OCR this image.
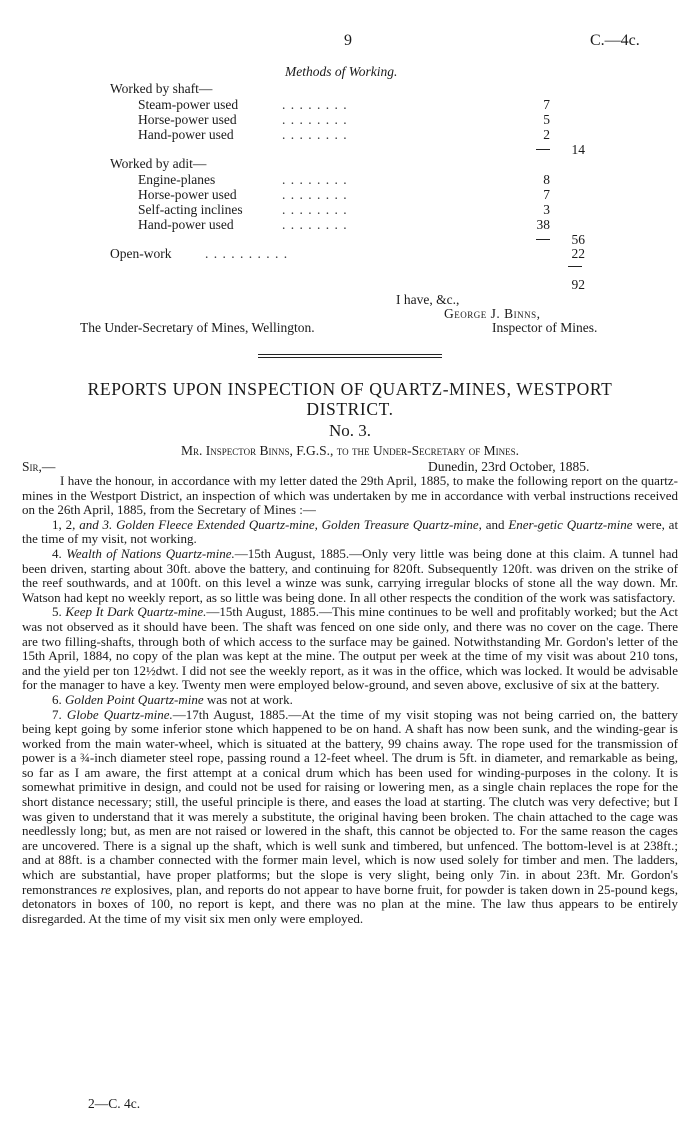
9	C.—4c.
Methods of Working.
Worked by shaft—
Steam-power used	. . . . . . . .	7
Horse-power used	. . . . . . . .	5
Hand-power used	. . . . . . . .	2
14
Worked by adit—
Engine-planes	. . . . . . . .	8
Horse-power used	. . . . . . . .	7
Self-acting inclines	. . . . . . . .	3
Hand-power used	. . . . . . . .	38
56
Open-work . . . . . . . . . .	22
92
I have, &c.,
George J. Binns,
The Under-Secretary of Mines, Wellington.	Inspector of Mines.
REPORTS UPON INSPECTION OF QUARTZ-MINES, WESTPORT
DISTRICT.
No. 3.
Mr. Inspector Binns, F.G.S., to the Under-Secretary of Mines.
Sir,—	Dunedin, 23rd October, 1885.

I have the honour, in accordance with my letter dated the 29th April, 1885, to make the following report on the quartz-mines in the Westport District, an inspection of which was undertaken by me in accordance with verbal instructions received on the 26th April, 1885, from the Secretary of Mines :—

1, 2, and 3. Golden Fleece Extended Quartz-mine, Golden Treasure Quartz-mine, and Ener-getic Quartz-mine were, at the time of my visit, not working.

4. Wealth of Nations Quartz-mine.—15th August, 1885.—Only very little was being done at this claim. A tunnel had been driven, starting about 30ft. above the battery, and continuing for 820ft. Subsequently 120ft. was driven on the strike of the reef southwards, and at 100ft. on this level a winze was sunk, carrying irregular blocks of stone all the way down. Mr. Watson had kept no weekly report, as so little was being done. In all other respects the condition of the work was satisfactory.

5. Keep It Dark Quartz-mine.—15th August, 1885.—This mine continues to be well and profitably worked; but the Act was not observed as it should have been. The shaft was fenced on one side only, and there was no cover on the cage. There are two filling-shafts, through both of which access to the surface may be gained. Notwithstanding Mr. Gordon's letter of the 15th April, 1884, no copy of the plan was kept at the mine. The output per week at the time of my visit was about 210 tons, and the yield per ton 12½dwt. I did not see the weekly report, as it was in the office, which was locked. It would be advisable for the manager to have a key. Twenty men were employed below-ground, and seven above, exclusive of six at the battery.

6. Golden Point Quartz-mine was not at work.

7. Globe Quartz-mine.—17th August, 1885.—At the time of my visit stoping was not being carried on, the battery being kept going by some inferior stone which happened to be on hand. A shaft has now been sunk, and the winding-gear is worked from the main water-wheel, which is situated at the battery, 99 chains away. The rope used for the transmission of power is a ¾-inch diameter steel rope, passing round a 12-feet wheel. The drum is 5ft. in diameter, and remarkable as being, so far as I am aware, the first attempt at a conical drum which has been used for winding-purposes in the colony. It is somewhat primitive in design, and could not be used for raising or lowering men, as a single chain replaces the rope for the short distance necessary; still, the useful principle is there, and eases the load at starting. The clutch was very defective; but I was given to understand that it was merely a substitute, the original having been broken. The chain attached to the cage was needlessly long; but, as men are not raised or lowered in the shaft, this cannot be objected to. For the same reason the cages are uncovered. There is a signal up the shaft, which is well sunk and timbered, but unfenced. The bottom-level is at 238ft.; and at 88ft. is a chamber connected with the former main level, which is now used solely for timber and men. The ladders, which are substantial, have proper platforms; but the slope is very slight, being only 7in. in about 23ft. Mr. Gordon's remonstrances re explosives, plan, and reports do not appear to have borne fruit, for powder is taken down in 25-pound kegs, detonators in boxes of 100, no report is kept, and there was no plan at the mine. The law thus appears to be entirely disregarded. At the time of my visit six men only were employed.

2—C. 4c.
